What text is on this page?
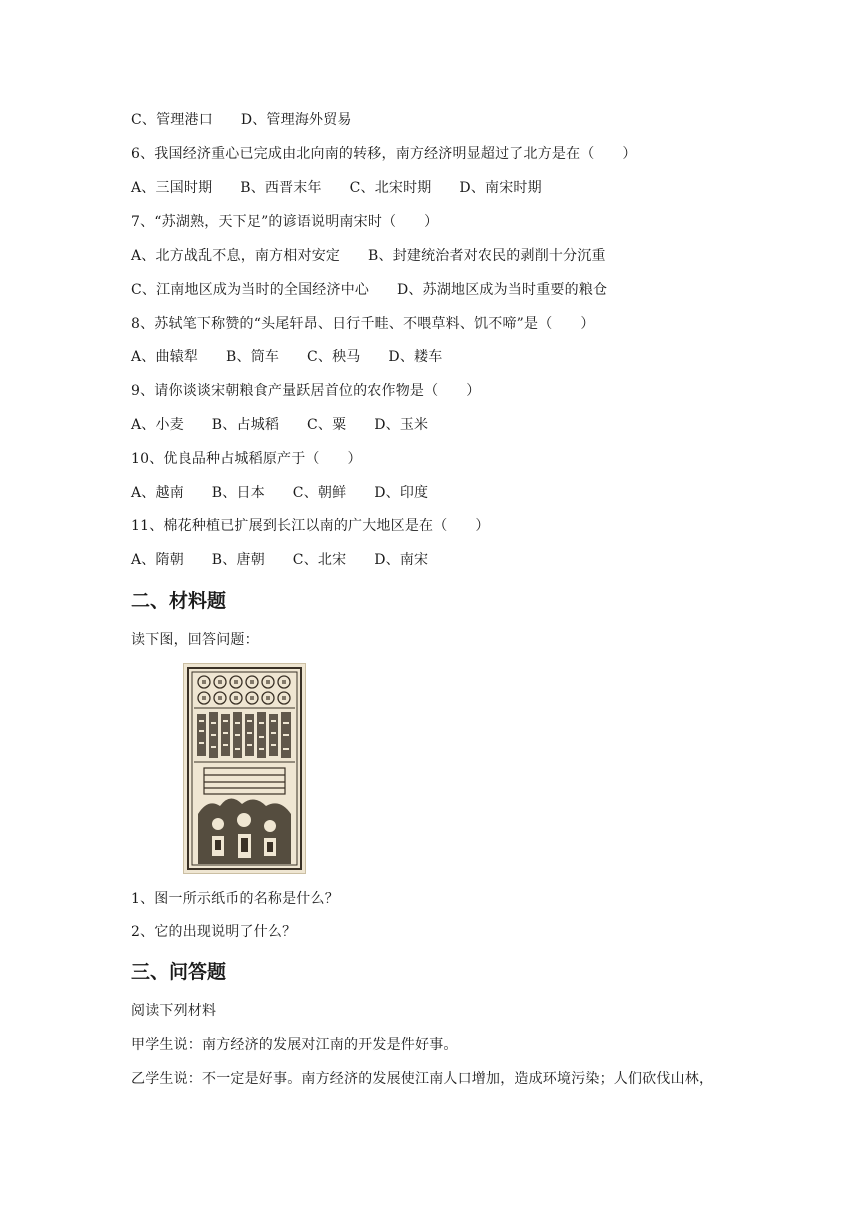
C、管理港口      D、管理海外贸易
6、我国经济重心已完成由北向南的转移，南方经济明显超过了北方是在（      ）
A、三国时期      B、西晋末年      C、北宋时期      D、南宋时期
7、“苏湖熟，天下足”的谚语说明南宋时（      ）
A、北方战乱不息，南方相对安定      B、封建统治者对农民的剥削十分沉重
C、江南地区成为当时的全国经济中心      D、苏湖地区成为当时重要的粮仓
8、苏轼笔下称赞的“头尾轩昂、日行千畦、不喂草料、饥不啼”是（      ）
A、曲辕犁      B、筒车      C、秧马      D、耧车
9、请你谈谈宋朝粮食产量跃居首位的农作物是（      ）
A、小麦      B、占城稻      C、粟      D、玉米
10、优良品种占城稻原产于（      ）
A、越南      B、日本      C、朝鲜      D、印度
11、棉花种植已扩展到长江以南的广大地区是在（      ）
A、隋朝      B、唐朝      C、北宋      D、南宋
二、材料题
读下图，回答问题：
1、图一所示纸币的名称是什么？
2、它的出现说明了什么？
三、问答题
阅读下列材料
甲学生说：南方经济的发展对江南的开发是件好事。
乙学生说：不一定是好事。南方经济的发展使江南人口增加，造成环境污染；人们砍伐山林，
